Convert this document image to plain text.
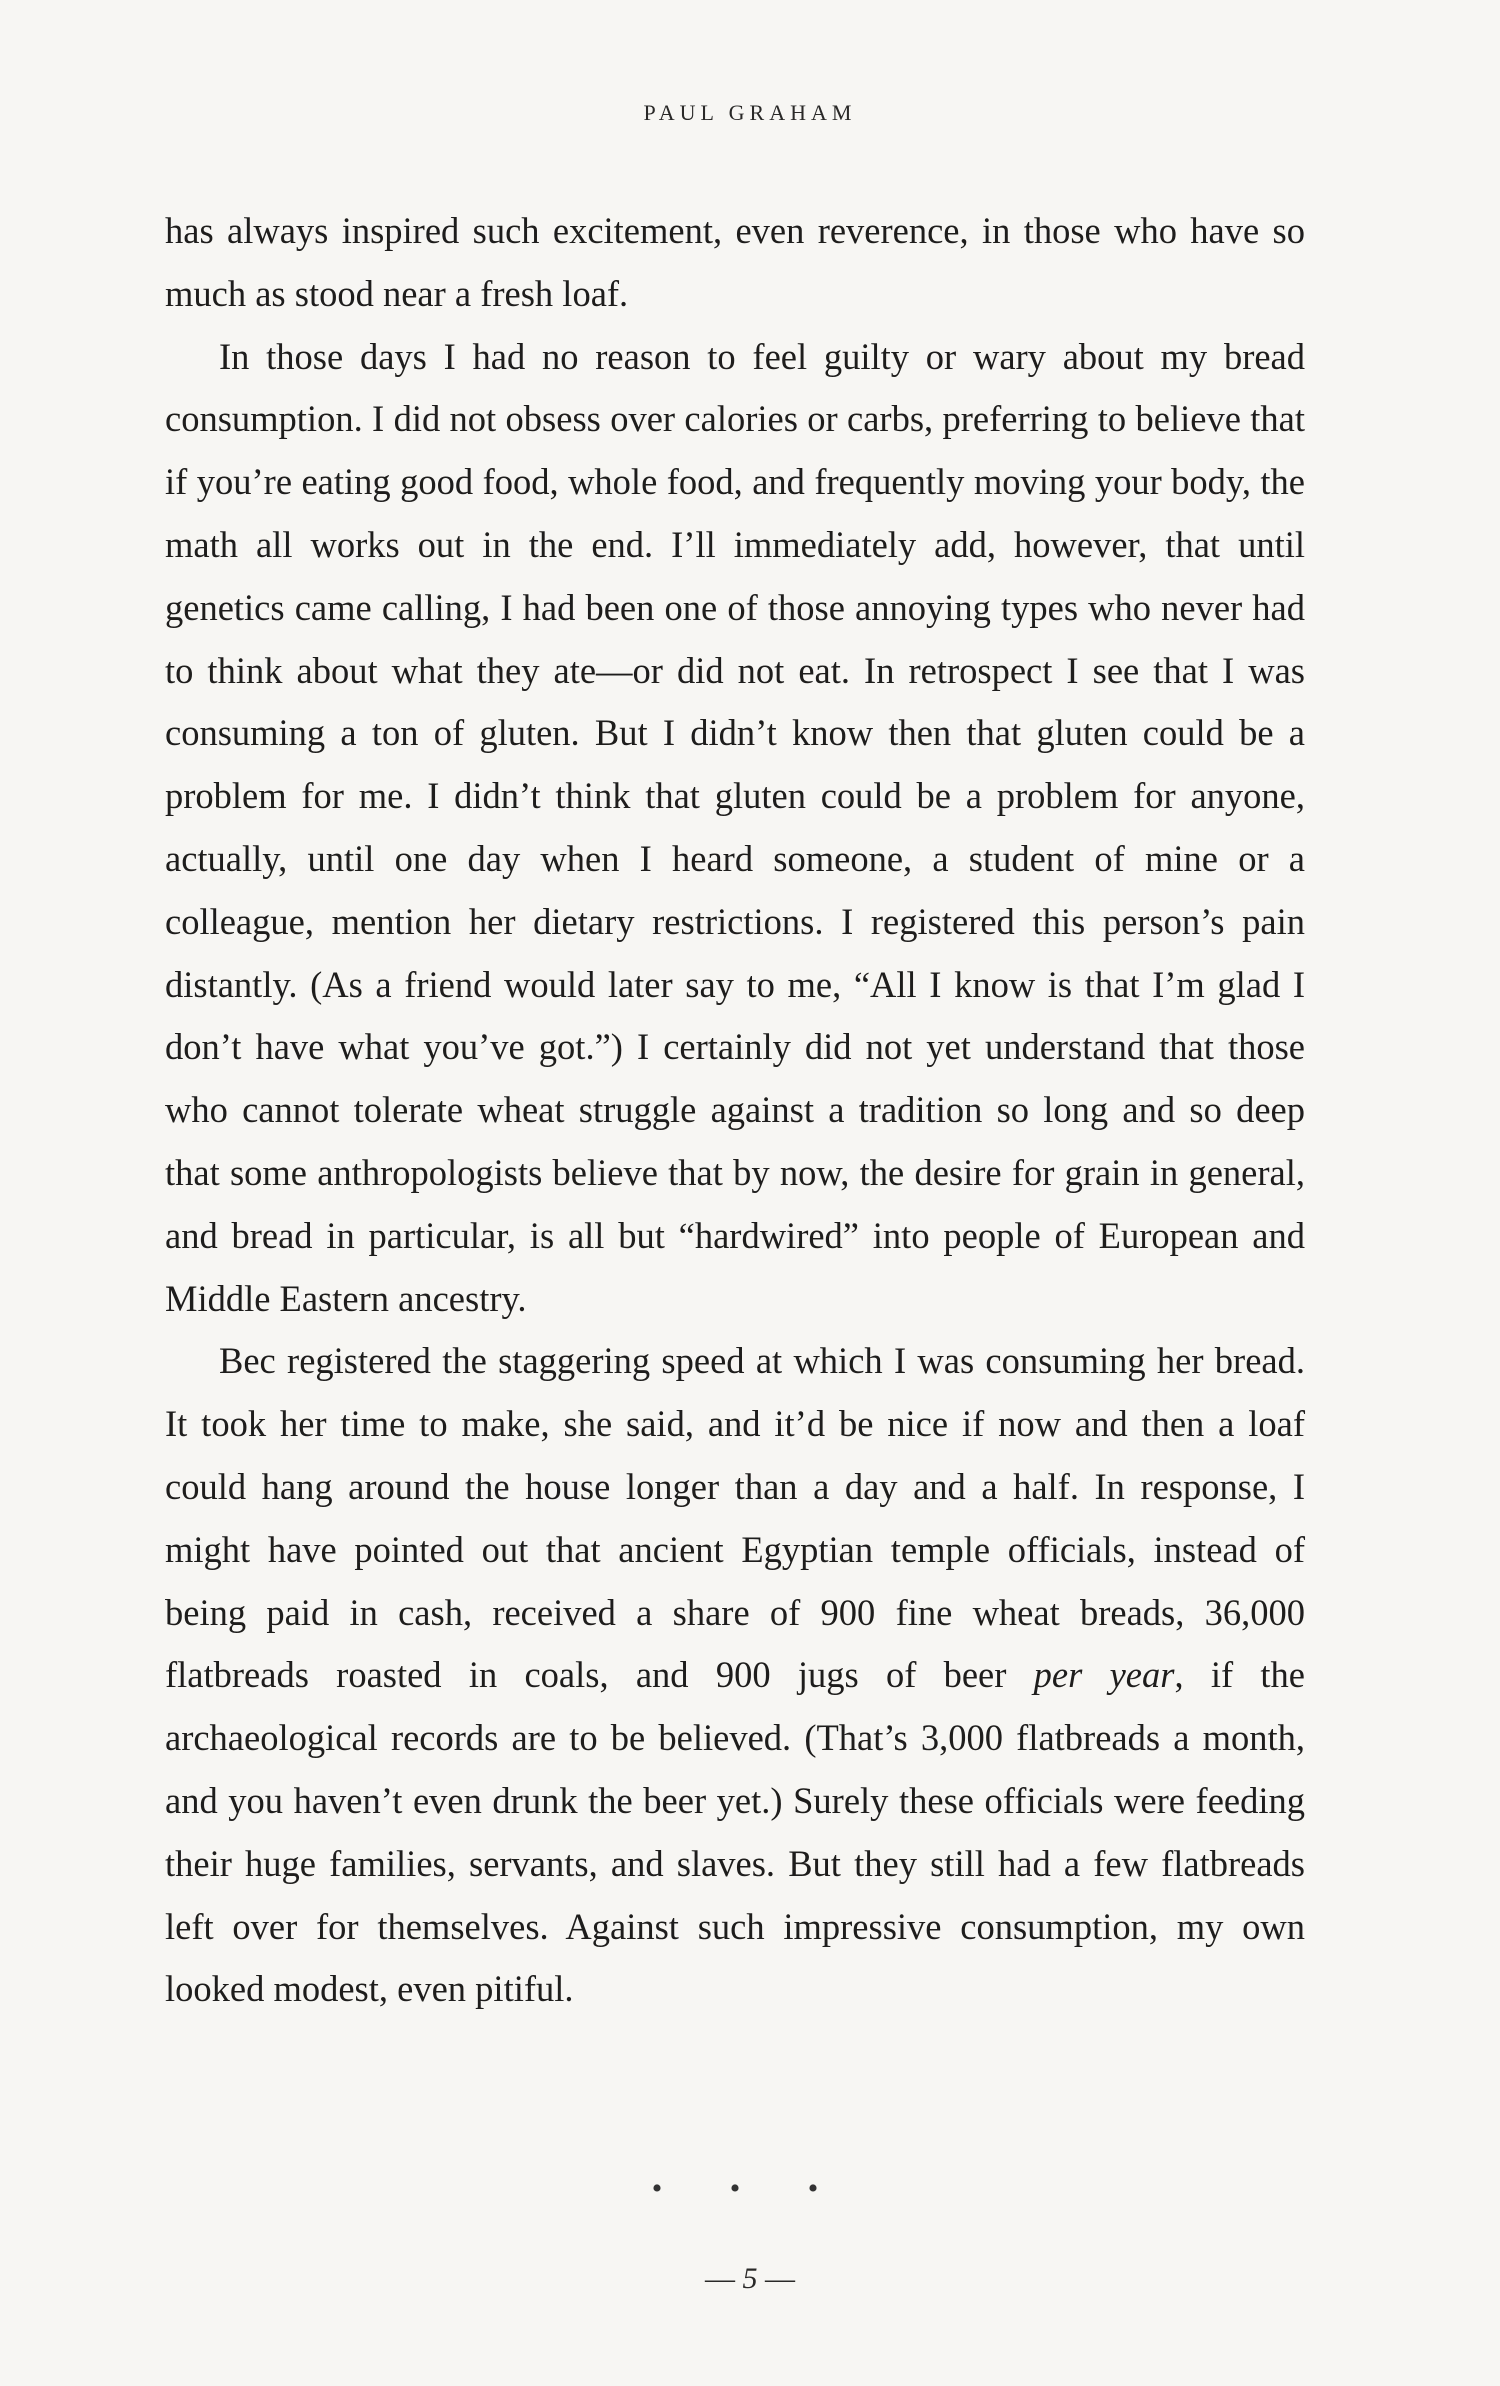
PAUL GRAHAM

has always inspired such excitement, even reverence, in those who have so much as stood near a fresh loaf.

In those days I had no reason to feel guilty or wary about my bread consumption. I did not obsess over calories or carbs, preferring to believe that if you’re eating good food, whole food, and frequently moving your body, the math all works out in the end. I’ll immediately add, however, that until genetics came calling, I had been one of those annoying types who never had to think about what they ate—or did not eat. In retrospect I see that I was consuming a ton of gluten. But I didn’t know then that gluten could be a problem for me. I didn’t think that gluten could be a problem for anyone, actually, until one day when I heard someone, a student of mine or a colleague, mention her dietary restrictions. I registered this person’s pain distantly. (As a friend would later say to me, “All I know is that I’m glad I don’t have what you’ve got.”) I certainly did not yet understand that those who cannot tolerate wheat struggle against a tradition so long and so deep that some anthropologists believe that by now, the desire for grain in general, and bread in particular, is all but “hardwired” into people of European and Middle Eastern ancestry.

Bec registered the staggering speed at which I was consuming her bread. It took her time to make, she said, and it’d be nice if now and then a loaf could hang around the house longer than a day and a half. In response, I might have pointed out that ancient Egyptian temple officials, instead of being paid in cash, received a share of 900 fine wheat breads, 36,000 flatbreads roasted in coals, and 900 jugs of beer per year, if the archaeological records are to be believed. (That’s 3,000 flatbreads a month, and you haven’t even drunk the beer yet.) Surely these officials were feeding their huge families, servants, and slaves. But they still had a few flatbreads left over for themselves. Against such impressive consumption, my own looked modest, even pitiful.

• • •
— 5 —
